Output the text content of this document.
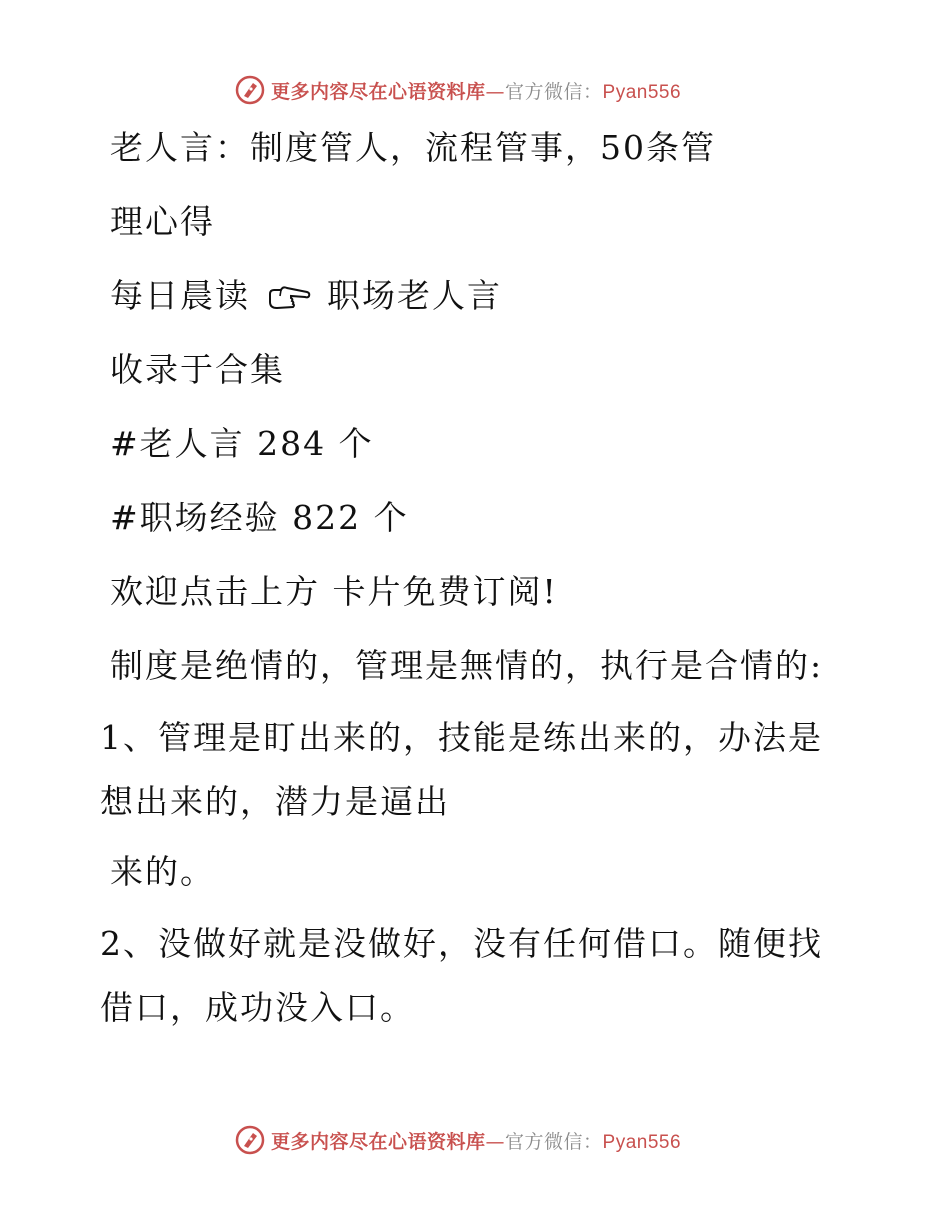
更多内容尽在心语资料库—官方微信：Pyan556
老人言：制度管人，流程管事，50条管
理心得
每日晨读 职场老人言
收录于合集
#老人言 284 个
#职场经验 822 个
欢迎点击上方 卡片免费订阅!
制度是绝情的，管理是無情的，执行是合情的:
1、管理是盯出来的，技能是练出来的，办法是想出来的，潜力是逼出
来的。
2、没做好就是没做好，没有任何借口。随便找借口，成功没入口。
更多内容尽在心语资料库—官方微信：Pyan556
